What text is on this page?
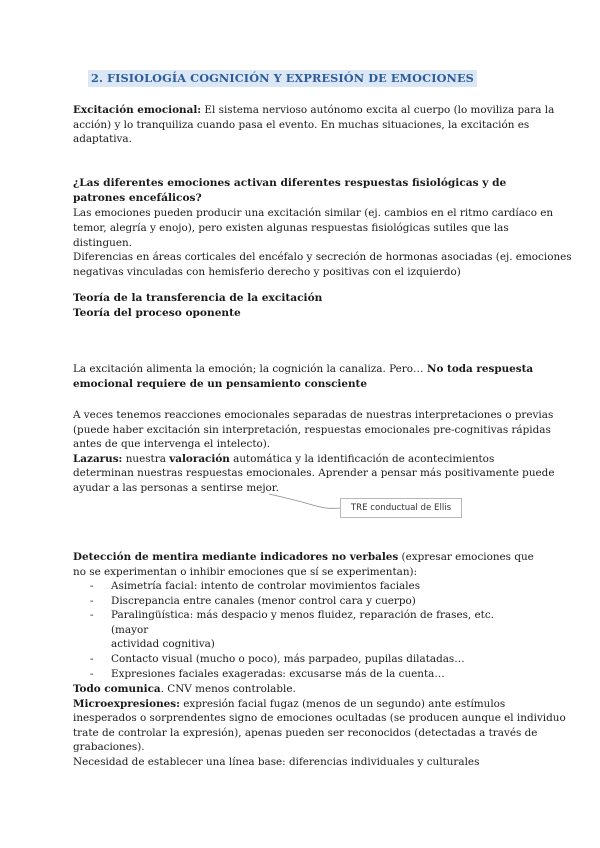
2. FISIOLOGÍA COGNICIÓN Y EXPRESIÓN DE EMOCIONES

Excitación emocional: El sistema nervioso autónomo excita al cuerpo (lo moviliza para la
acción) y lo tranquiliza cuando pasa el evento. En muchas situaciones, la excitación es
adaptativa.

¿Las diferentes emociones activan diferentes respuestas fisiológicas y de
patrones encefálicos?
Las emociones pueden producir una excitación similar (ej. cambios en el ritmo cardíaco en
temor, alegría y enojo), pero existen algunas respuestas fisiológicas sutiles que las
distinguen.
Diferencias en áreas corticales del encéfalo y secreción de hormonas asociadas (ej. emociones
negativas vinculadas con hemisferio derecho y positivas con el izquierdo)

Teoría de la transferencia de la excitación
Teoría del proceso oponente

La excitación alimenta la emoción; la cognición la canaliza. Pero… No toda respuesta
emocional requiere de un pensamiento consciente

A veces tenemos reacciones emocionales separadas de nuestras interpretaciones o previas
(puede haber excitación sin interpretación, respuestas emocionales pre-cognitivas rápidas
antes de que intervenga el intelecto).
Lazarus: nuestra valoración automática y la identificación de acontecimientos
determinan nuestras respuestas emocionales. Aprender a pensar más positivamente puede
ayudar a las personas a sentirse mejor.

TRE conductual de Ellis

Detección de mentira mediante indicadores no verbales (expresar emociones que
no se experimentan o inhibir emociones que sí se experimentan):

- Asimetría facial: intento de controlar movimientos faciales
- Discrepancia entre canales (menor control cara y cuerpo)
- Paralingüística: más despacio y menos fluidez, reparación de frases, etc. (mayor
actividad cognitiva)
- Contacto visual (mucho o poco), más parpadeo, pupilas dilatadas…
- Expresiones faciales exageradas: excusarse más de la cuenta…

Todo comunica. CNV menos controlable.
Microexpresiones: expresión facial fugaz (menos de un segundo) ante estímulos
inesperados o sorprendentes signo de emociones ocultadas (se producen aunque el individuo
trate de controlar la expresión), apenas pueden ser reconocidos (detectadas a través de
grabaciones).
Necesidad de establecer una línea base: diferencias individuales y culturales
